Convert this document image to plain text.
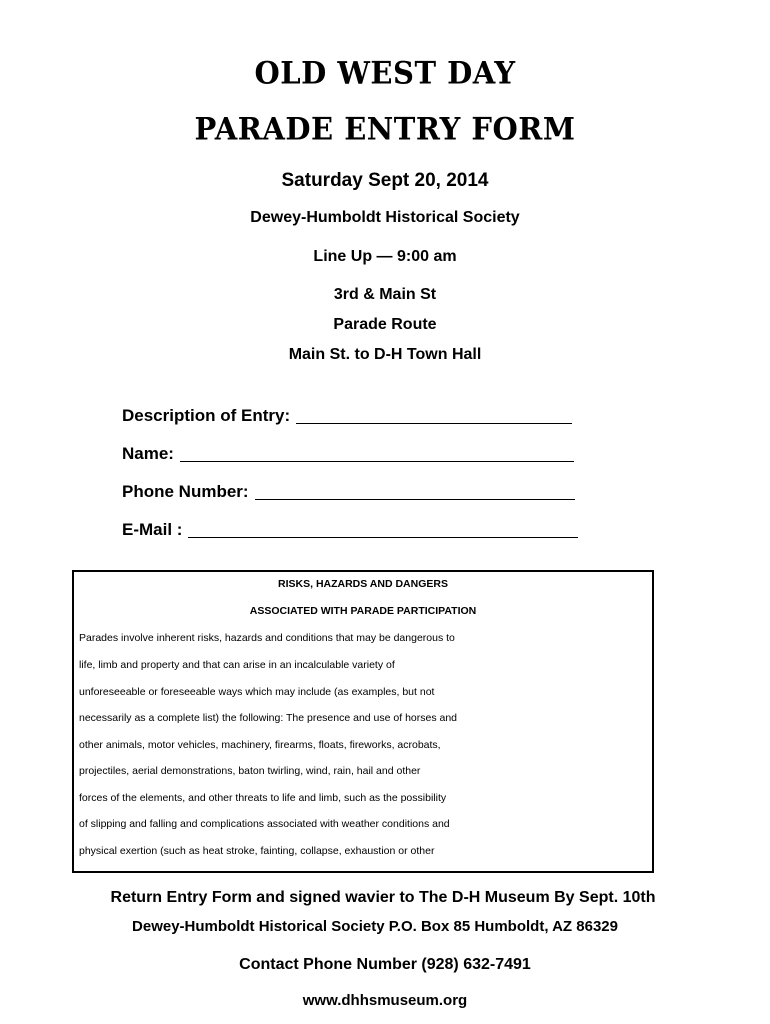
OLD WEST DAY
PARADE ENTRY FORM
Saturday Sept 20, 2014
Dewey-Humboldt Historical Society
Line Up — 9:00 am
3rd & Main St
Parade Route
Main St. to D-H Town Hall
Description of Entry:
Name:
Phone Number:
E-Mail :
RISKS, HAZARDS AND DANGERS
ASSOCIATED WITH PARADE PARTICIPATION
Parades involve inherent risks, hazards and conditions that may be dangerous to
life, limb and property and that can arise in an incalculable variety of
unforeseeable or foreseeable ways which may include (as examples, but not
necessarily as a complete list) the following: The presence and use of horses and
other animals, motor vehicles, machinery, firearms, floats, fireworks, acrobats,
projectiles, aerial demonstrations, baton twirling, wind, rain, hail and other
forces of the elements, and other threats to life and limb, such as the possibility
of slipping and falling and complications associated with weather conditions and
physical exertion (such as heat stroke, fainting, collapse, exhaustion or other
Return Entry Form and signed wavier to The D-H Museum By Sept. 10th
Dewey-Humboldt Historical Society P.O. Box 85 Humboldt, AZ 86329
Contact Phone Number (928) 632-7491
www.dhhsmuseum.org
